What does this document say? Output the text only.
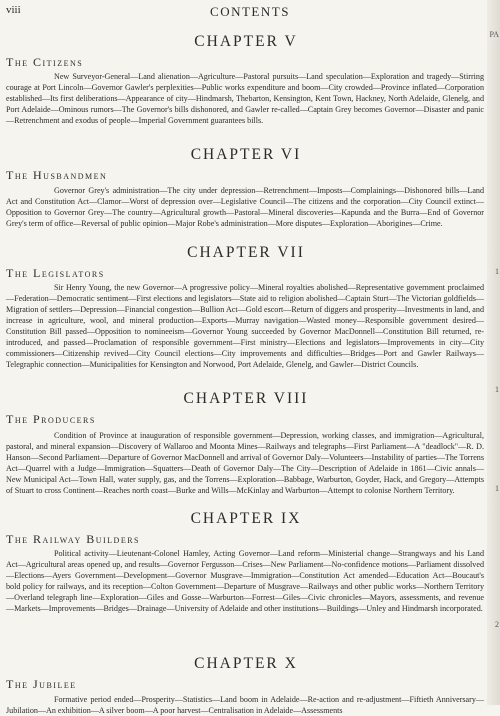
viii	CONTENTS
PA
1
1
1
2
CHAPTER V
The Citizens
New Surveyor-General—Land alienation—Agriculture—Pastoral pursuits—Land speculation—Exploration and tragedy—Stirring courage at Port Lincoln—Governor Gawler's perplexities—Public works expenditure and boom—City crowded—Province inflated—Corporation established—Its first deliberations—Appearance of city—Hindmarsh, Thebarton, Kensington, Kent Town, Hackney, North Adelaide, Glenelg, and Port Adelaide—Ominous rumors—The Governor's bills dishonored, and Gawler re-called—Captain Grey becomes Governor—Disaster and panic—Retrenchment and exodus of people—Imperial Government guarantees bills.
CHAPTER VI
The Husbandmen
Governor Grey's administration—The city under depression—Retrenchment—Imposts—Complainings—Dishonored bills—Land Act and Constitution Act—Clamor—Worst of depression over—Legislative Council—The citizens and the corporation—City Council extinct—Opposition to Governor Grey—The country—Agricultural growth—Pastoral—Mineral discoveries—Kapunda and the Burra—End of Governor Grey's term of office—Reversal of public opinion—Major Robe's administration—More disputes—Exploration—Aborigines—Crime.
CHAPTER VII
The Legislators
Sir Henry Young, the new Governor—A progressive policy—Mineral royalties abolished—Representative government proclaimed—Federation—Democratic sentiment—First elections and legislators—State aid to religion abolished—Captain Sturt—The Victorian goldfields—Migration of settlers—Depression—Financial congestion—Bullion Act—Gold escort—Return of diggers and prosperity—Investments in land, and increase in agriculture, wool, and mineral production—Exports—Murray navigation—Wasted money—Responsible government desired—Constitution Bill passed—Opposition to nomineeism—Governor Young succeeded by Governor MacDonnell—Constitution Bill returned, re-introduced, and passed—Proclamation of responsible government—First ministry—Elections and legislators—Improvements in city—City commissioners—Citizenship revived—City Council elections—City improvements and difficulties—Bridges—Port and Gawler Railways—Telegraphic connection—Municipalities for Kensington and Norwood, Port Adelaide, Glenelg, and Gawler—District Councils.
CHAPTER VIII
The Producers
Condition of Province at inauguration of responsible government—Depression, working classes, and immigration—Agricultural, pastoral, and mineral expansion—Discovery of Wallaroo and Moonta Mines—Railways and telegraphs—First Parliament—A "deadlock"—R. D. Hanson—Second Parliament—Departure of Governor MacDonnell and arrival of Governor Daly—Volunteers—Instability of parties—The Torrens Act—Quarrel with a Judge—Immigration—Squatters—Death of Governor Daly—The City—Description of Adelaide in 1861—Civic annals—New Municipal Act—Town Hall, water supply, gas, and the Torrens—Exploration—Babbage, Warburton, Goyder, Hack, and Gregory—Attempts of Stuart to cross Continent—Reaches north coast—Burke and Wills—McKinlay and Warburton—Attempt to colonise Northern Territory.
CHAPTER IX
The Railway Builders
Political activity—Lieutenant-Colonel Hamley, Acting Governor—Land reform—Ministerial change—Strangways and his Land Act—Agricultural areas opened up, and results—Governor Fergusson—Crises—New Parliament—No-confidence motions—Parliament dissolved—Elections—Ayers Government—Development—Governor Musgrave—Immigration—Constitution Act amended—Education Act—Boucaut's bold policy for railways, and its reception—Colton Government—Departure of Musgrave—Railways and other public works—Northern Territory—Overland telegraph line—Exploration—Giles and Gosse—Warburton—Forrest—Giles—Civic chronicles—Mayors, assessments, and revenue—Markets—Improvements—Bridges—Drainage—University of Adelaide and other institutions—Buildings—Unley and Hindmarsh incorporated.
CHAPTER X
The Jubilee
Formative period ended—Prosperity—Statistics—Land boom in Adelaide—Re-action and re-adjustment—Fiftieth Anniversary—Jubilation—An exhibition—A silver boom—A poor harvest—Centralisation in Adelaide—Assessments
